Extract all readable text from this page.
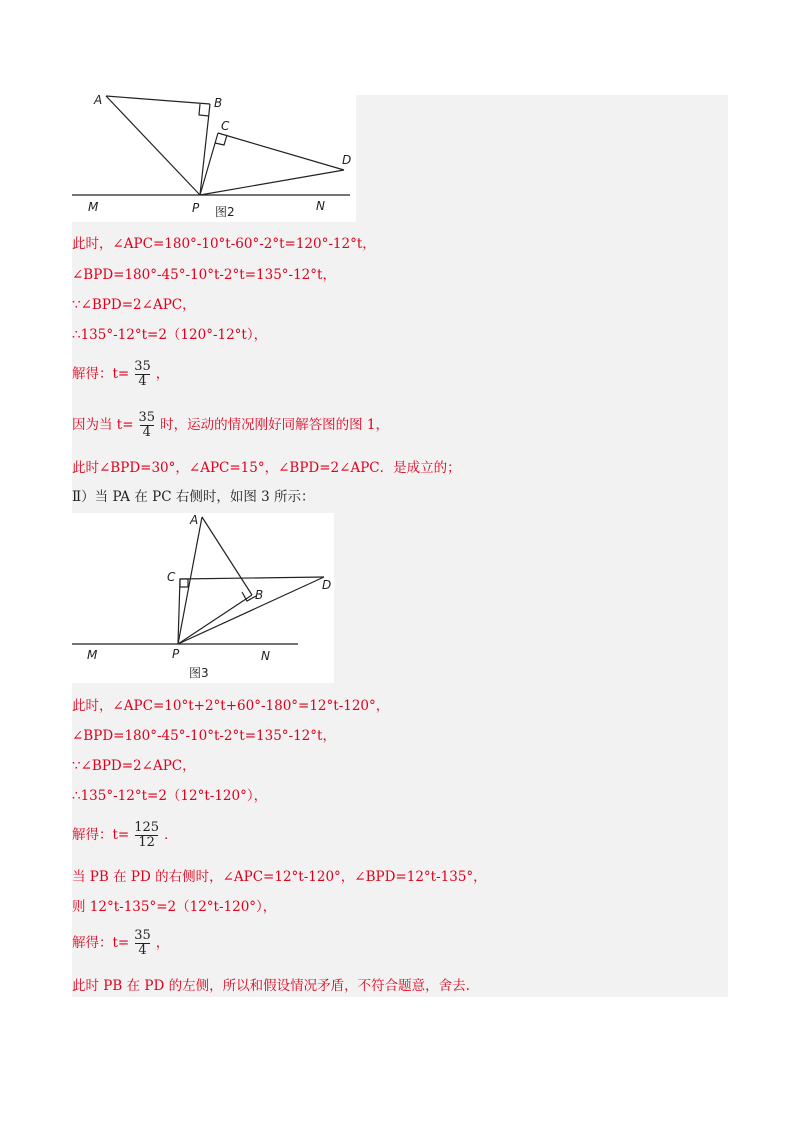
A	B
C
D
M	P	N
图2
此时，∠APC=180°-10°t-60°-2°t=120°-12°t，
∠BPD=180°-45°-10°t-2°t=135°-12°t，
∵∠BPD=2∠APC，
∴135°-12°t=2（120°-12°t），
解得：$t= \frac{35}{4}$ ，
因为当 $t= \frac{35}{4}$ 时，运动的情况刚好同解答图的图 1，
此时∠BPD=30°，∠APC=15°，∠BPD=2∠APC．是成立的；
Ⅱ）当 PA 在 PC 右侧时，如图 3 所示：
A
B
C
D
M	P	N
图3
此时，∠APC=10°t+2°t+60°-180°=12°t-120°，
∠BPD=180°-45°-10°t-2°t=135°-12°t，
∵∠BPD=2∠APC，
∴135°-12°t=2（12°t-120°），
解得：$t= \frac{125}{12}$ ．
当 PB 在 PD 的右侧时，∠APC=12°t-120°，∠BPD=12°t-135°，
则 12°t-135°=2（12°t-120°），
解得：$t= \frac{35}{4}$ ，
此时 PB 在 PD 的左侧，所以和假设情况矛盾，不符合题意，舍去.
